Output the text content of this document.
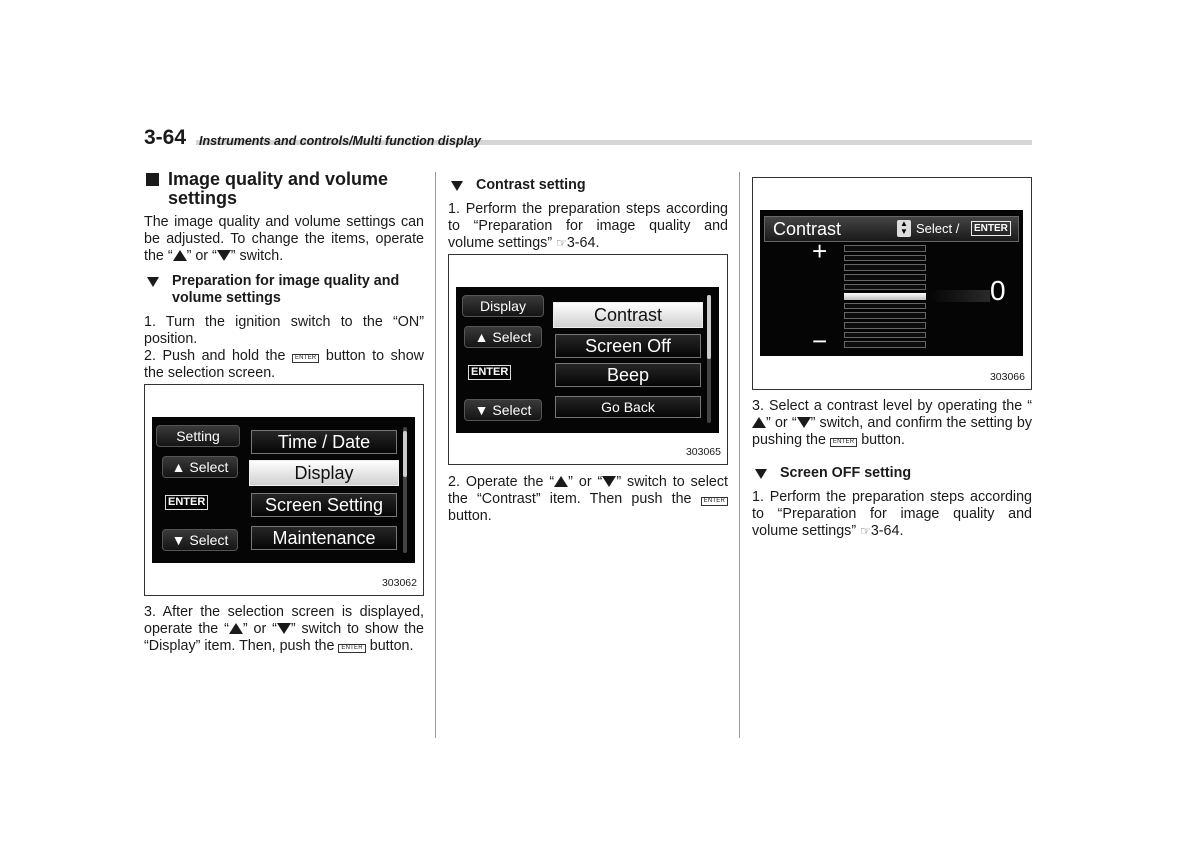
3-64 Instruments and controls/Multi function display
Image quality and volume settings

The image quality and volume settings can be adjusted. To change the items, operate the “ ” or “ ” switch.

Preparation for image quality and volume settings

1. Turn the ignition switch to the “ON” position.

2. Push and hold the ENTER button to show the selection screen.

Setting
▲ Select
ENTER
▼ Select
Time / Date
Display
Screen Setting
Maintenance
303062

3. After the selection screen is displayed, operate the “ ” or “ ” switch to show the “Display” item. Then, push the ENTER button.

Contrast setting

1. Perform the preparation steps according to “Preparation for image quality and volume settings” ☞3-64.

Display
▲ Select
ENTER
▼ Select
Contrast
Screen Off
Beep
Go Back
303065

2. Operate the “ ” or “ ” switch to select the “Contrast” item. Then push the ENTER button.

Contrast	▲
▼ Select /	ENTER
+
−
0
303066

3. Select a contrast level by operating the “” or “ ” switch, and confirm the setting by pushing the ENTER button.

Screen OFF setting

1. Perform the preparation steps according to “Preparation for image quality and volume settings” ☞3-64.
